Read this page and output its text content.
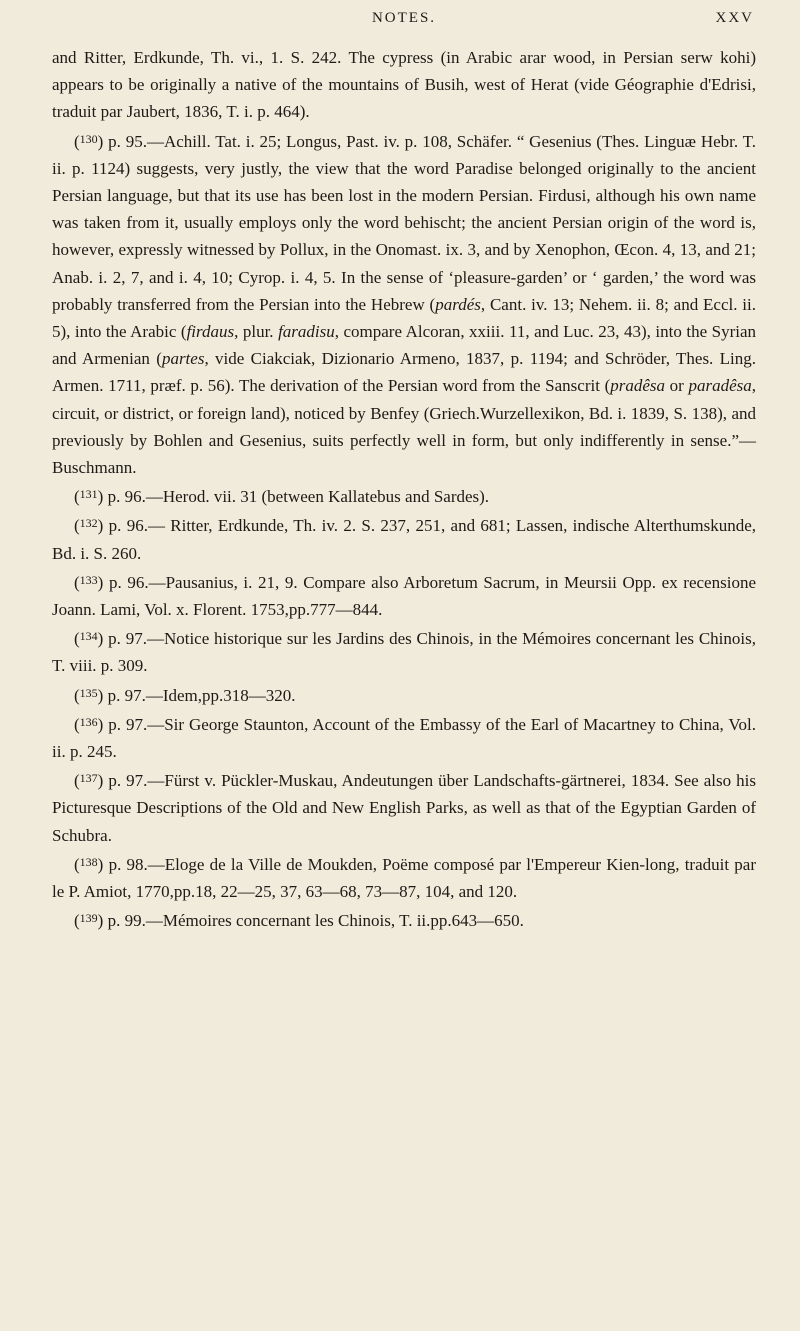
NOTES.	XXV

and Ritter, Erdkunde, Th. vi., 1. S. 242. The cypress (in Arabic arar wood, in Persian serw kohi) appears to be originally a native of the mountains of Busih, west of Herat (vide Géographie d'Edrisi, traduit par Jaubert, 1836, T. i. p. 464).

($^{130}$) p. 95.—Achill. Tat. i. 25; Longus, Past. iv. p. 108, Schäfer. “ Gesenius (Thes. Linguæ Hebr. T. ii. p. 1124) suggests, very justly, the view that the word Paradise belonged originally to the ancient Persian language, but that its use has been lost in the modern Persian. Firdusi, although his own name was taken from it, usually employs only the word behischt; the ancient Persian origin of the word is, however, expressly witnessed by Pollux, in the Onomast. ix. 3, and by Xenophon, Œcon. 4, 13, and 21; Anab. i. 2, 7, and i. 4, 10; Cyrop. i. 4, 5. In the sense of ‘pleasure-garden’ or ‘ garden,’ the word was probably transferred from the Persian into the Hebrew (pardés, Cant. iv. 13; Nehem. ii. 8; and Eccl. ii. 5), into the Arabic (firdaus, plur. faradisu, compare Alcoran, xxiii. 11, and Luc. 23, 43), into the Syrian and Armenian (partes, vide Ciakciak, Dizionario Armeno, 1837, p. 1194; and Schröder, Thes. Ling. Armen. 1711, præf. p. 56). The derivation of the Persian word from the Sanscrit (pradêsa or paradêsa, circuit, or district, or foreign land), noticed by Benfey (Griech.Wurzellexikon, Bd. i. 1839, S. 138), and previously by Bohlen and Gesenius, suits perfectly well in form, but only indifferently in sense.”—Buschmann.

($^{131}$) p. 96.—Herod. vii. 31 (between Kallatebus and Sardes).

($^{132}$) p. 96.— Ritter, Erdkunde, Th. iv. 2. S. 237, 251, and 681; Lassen, indische Alterthumskunde, Bd. i. S. 260.

($^{133}$) p. 96.—Pausanius, i. 21, 9. Compare also Arboretum Sacrum, in Meursii Opp. ex recensione Joann. Lami, Vol. x. Florent. 1753,pp.777—844.

($^{134}$) p. 97.—Notice historique sur les Jardins des Chinois, in the Mémoires concernant les Chinois, T. viii. p. 309.

($^{135}$) p. 97.—Idem,pp.318—320.

($^{136}$) p. 97.—Sir George Staunton, Account of the Embassy of the Earl of Macartney to China, Vol. ii. p. 245.

($^{137}$) p. 97.—Fürst v. Pückler-Muskau, Andeutungen über Landschafts-gärtnerei, 1834. See also his Picturesque Descriptions of the Old and New English Parks, as well as that of the Egyptian Garden of Schubra.

($^{138}$) p. 98.—Eloge de la Ville de Moukden, Poëme composé par l'Empereur Kien-long, traduit par le P. Amiot, 1770,pp.18, 22—25, 37, 63—68, 73—87, 104, and 120.

($^{139}$) p. 99.—Mémoires concernant les Chinois, T. ii.pp.643—650.
